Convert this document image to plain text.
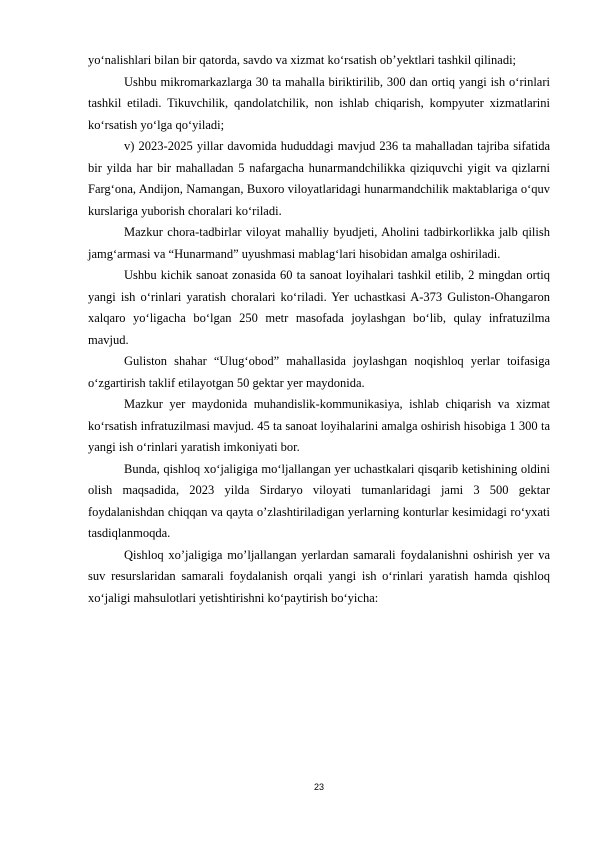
yo‘nalishlari bilan bir qatorda, savdo va xizmat ko‘rsatish ob’yektlari tashkil qilinadi;

Ushbu mikromarkazlarga 30 ta mahalla biriktirilib, 300 dan ortiq yangi ish o‘rinlari tashkil etiladi. Tikuvchilik, qandolatchilik, non ishlab chiqarish, kompyuter xizmatlarini ko‘rsatish yo‘lga qo‘yiladi;

v) 2023-2025 yillar davomida hududdagi mavjud 236 ta mahalladan tajriba sifatida bir yilda har bir mahalladan 5 nafargacha hunarmandchilikka qiziquvchi yigit va qizlarni Farg‘ona, Andijon, Namangan, Buxoro viloyatlaridagi hunarmandchilik maktablariga o‘quv kurslariga yuborish choralari ko‘riladi.

Mazkur chora-tadbirlar viloyat mahalliy byudjeti, Aholini tadbirkorlikka jalb qilish jamg‘armasi va “Hunarmand” uyushmasi mablag‘lari hisobidan amalga oshiriladi.

Ushbu kichik sanoat zonasida 60 ta sanoat loyihalari tashkil etilib, 2 mingdan ortiq yangi ish o‘rinlari yaratish choralari ko‘riladi. Yer uchastkasi A-373 Guliston-Ohangaron xalqaro yo‘ligacha bo‘lgan 250 metr masofada joylashgan bo‘lib, qulay infratuzilma mavjud.

Guliston shahar “Ulug‘obod” mahallasida joylashgan noqishloq yerlar toifasiga o‘zgartirish taklif etilayotgan 50 gektar yer maydonida.

Mazkur yer maydonida muhandislik-kommunikasiya, ishlab chiqarish va xizmat ko‘rsatish infratuzilmasi mavjud. 45 ta sanoat loyihalarini amalga oshirish hisobiga 1 300 ta yangi ish o‘rinlari yaratish imkoniyati bor.

Bunda, qishloq xo‘jaligiga mo‘ljallangan yer uchastkalari qisqarib ketishining oldini olish maqsadida, 2023 yilda Sirdaryo viloyati tumanlaridagi jami 3 500 gektar foydalanishdan chiqqan va qayta o’zlashtiriladigan yerlarning konturlar kesimidagi ro‘yxati tasdiqlanmoqda.

Qishloq xo’jaligiga mo’ljallangan yerlardan samarali foydalanishni oshirish yer va suv resurslaridan samarali foydalanish orqali yangi ish o‘rinlari yaratish hamda qishloq xo‘jaligi mahsulotlari yetishtirishni ko‘paytirish bo‘yicha:

23
